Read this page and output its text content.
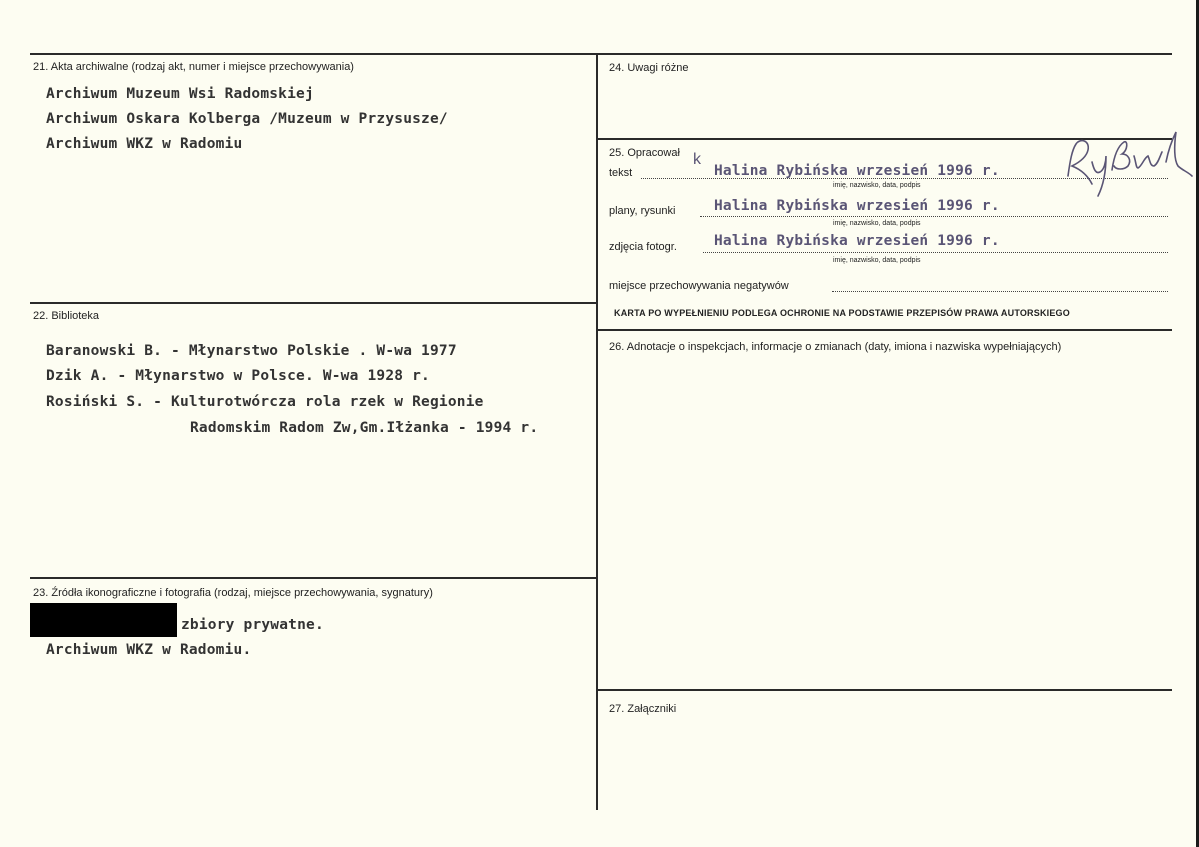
21. Akta archiwalne (rodzaj akt, numer i miejsce przechowywania)
Archiwum Muzeum Wsi Radomskiej
Archiwum Oskara Kolberga /Muzeum w Przysusze/
Archiwum WKZ w Radomiu
22. Biblioteka
Baranowski B. - Młynarstwo Polskie . W-wa 1977
Dzik A. - Młynarstwo w Polsce. W-wa 1928 r.
Rosiński S. - Kulturotwórcza rola rzek w Regionie
Radomskim Radom Zw,Gm.Iłżanka - 1994 r.
23. Źródła ikonograficzne i fotografia (rodzaj, miejsce przechowywania, sygnatury)
zbiory prywatne.
Archiwum WKZ w Radomiu.
24. Uwagi różne
25. Opracował k
tekst	Halina Rybińska wrzesień 1996 r.
imię, nazwisko, data, podpis
plany, rysunki	Halina Rybińska wrzesień 1996 r.
imię, nazwisko, data, podpis
zdjęcia fotogr.	Halina Rybińska wrzesień 1996 r.
imię, nazwisko, data, podpis
miejsce przechowywania negatywów
KARTA PO WYPEŁNIENIU PODLEGA OCHRONIE NA PODSTAWIE PRZEPISÓW PRAWA AUTORSKIEGO
26. Adnotacje o inspekcjach, informacje o zmianach (daty, imiona i nazwiska wypełniających)
27. Załączniki
